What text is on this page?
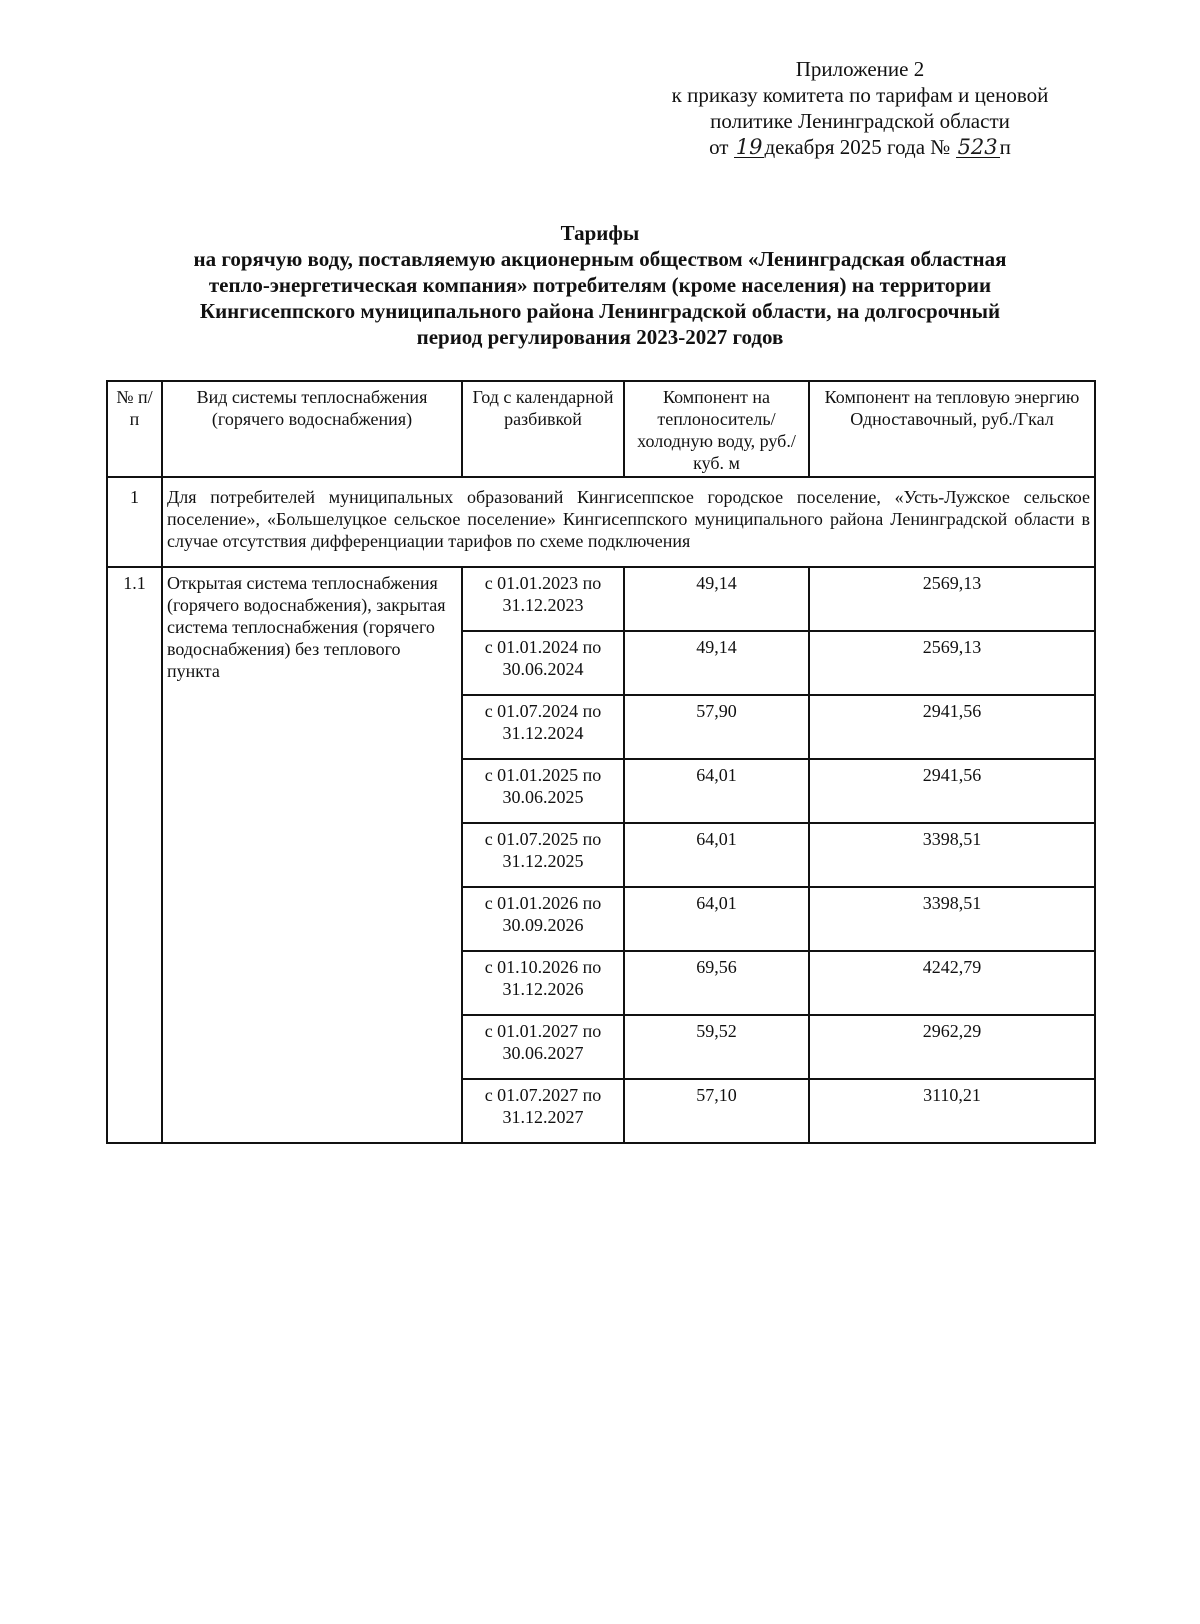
Приложение 2
к приказу комитета по тарифам и ценовой
политике Ленинградской области
от 19декабря 2025 года № 523п
Тарифы
на горячую воду, поставляемую акционерным обществом «Ленинградская областная
тепло-энергетическая компания» потребителям (кроме населения) на территории
Кингисеппского муниципального района Ленинградской области, на долгосрочный
период регулирования 2023-2027 годов
№ п/п	Вид системы теплоснабжения (горячего водоснабжения)	Год с календарной разбивкой	Компонент на теплоноситель/холодную воду, руб./куб. м	Компонент на тепловую энергию Одноставочный, руб./Гкал
1	Для потребителей муниципальных образований Кингисеппское городское поселение, «Усть-Лужское сельское поселение», «Большелуцкое сельское поселение» Кингисеппского муниципального района Ленинградской области в случае отсутствия дифференциации тарифов по схеме подключения			
1.1	Открытая система теплоснабжения (горячего водоснабжения), закрытая система теплоснабжения (горячего водоснабжения) без теплового пункта	с 01.01.2023 по
31.12.2023	49,14	2569,13

		с 01.01.2024 по
30.06.2024	49,14	2569,13

		с 01.07.2024 по
31.12.2024	57,90	2941,56

		с 01.01.2025 по
30.06.2025	64,01	2941,56

		с 01.07.2025 по
31.12.2025	64,01	3398,51

		с 01.01.2026 по
30.09.2026	64,01	3398,51

		с 01.10.2026 по
31.12.2026	69,56	4242,79

		с 01.01.2027 по
30.06.2027	59,52	2962,29

		с 01.07.2027 по
31.12.2027	57,10	3110,21
